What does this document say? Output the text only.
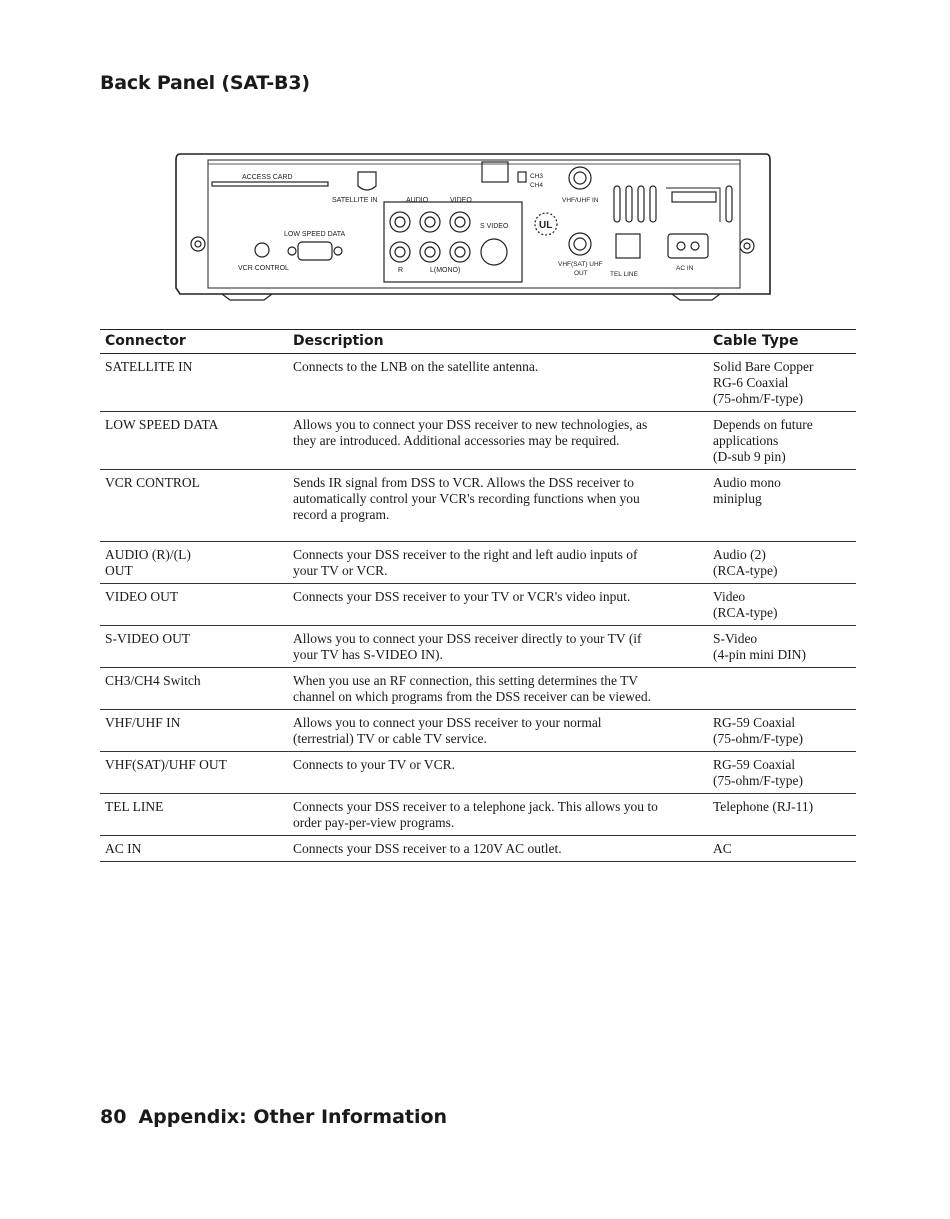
Back Panel (SAT-B3)
ACCESS CARD
SATELLITE IN	AUDIO	VIDEO
S VIDEO
R	L(MONO)
LOW SPEED DATA
VCR CONTROL
CH3
CH4
VHF/UHF IN
UL
VHF(SAT) UHF
OUT	TEL LINE
AC IN
Connector	Description	Cable Type
SATELLITE IN	Connects to the LNB on the satellite antenna.	Solid Bare Copper
RG-6 Coaxial
(75-ohm/F-type)
LOW SPEED DATA	Allows you to connect your DSS receiver to new technologies, as
they are introduced. Additional accessories may be required.	Depends on future
applications
(D-sub 9 pin)
VCR CONTROL	Sends IR signal from DSS to VCR. Allows the DSS receiver to
automatically control your VCR's recording functions when you
record a program.	Audio mono
miniplug
AUDIO (R)/(L)
OUT	Connects your DSS receiver to the right and left audio inputs of
your TV or VCR.	Audio (2)
(RCA-type)
VIDEO OUT	Connects your DSS receiver to your TV or VCR's video input.	Video
(RCA-type)
S-VIDEO OUT	Allows you to connect your DSS receiver directly to your TV (if
your TV has S-VIDEO IN).	S-Video
(4-pin mini DIN)
CH3/CH4 Switch	When you use an RF connection, this setting determines the TV
channel on which programs from the DSS receiver can be viewed.	
VHF/UHF IN	Allows you to connect your DSS receiver to your normal
(terrestrial) TV or cable TV service.	RG-59 Coaxial
(75-ohm/F-type)
VHF(SAT)/UHF OUT	Connects to your TV or VCR.	RG-59 Coaxial
(75-ohm/F-type)
TEL LINE	Connects your DSS receiver to a telephone jack. This allows you to
order pay-per-view programs.	Telephone (RJ-11)
AC IN	Connects your DSS receiver to a 120V AC outlet.	AC

80 Appendix: Other Information
